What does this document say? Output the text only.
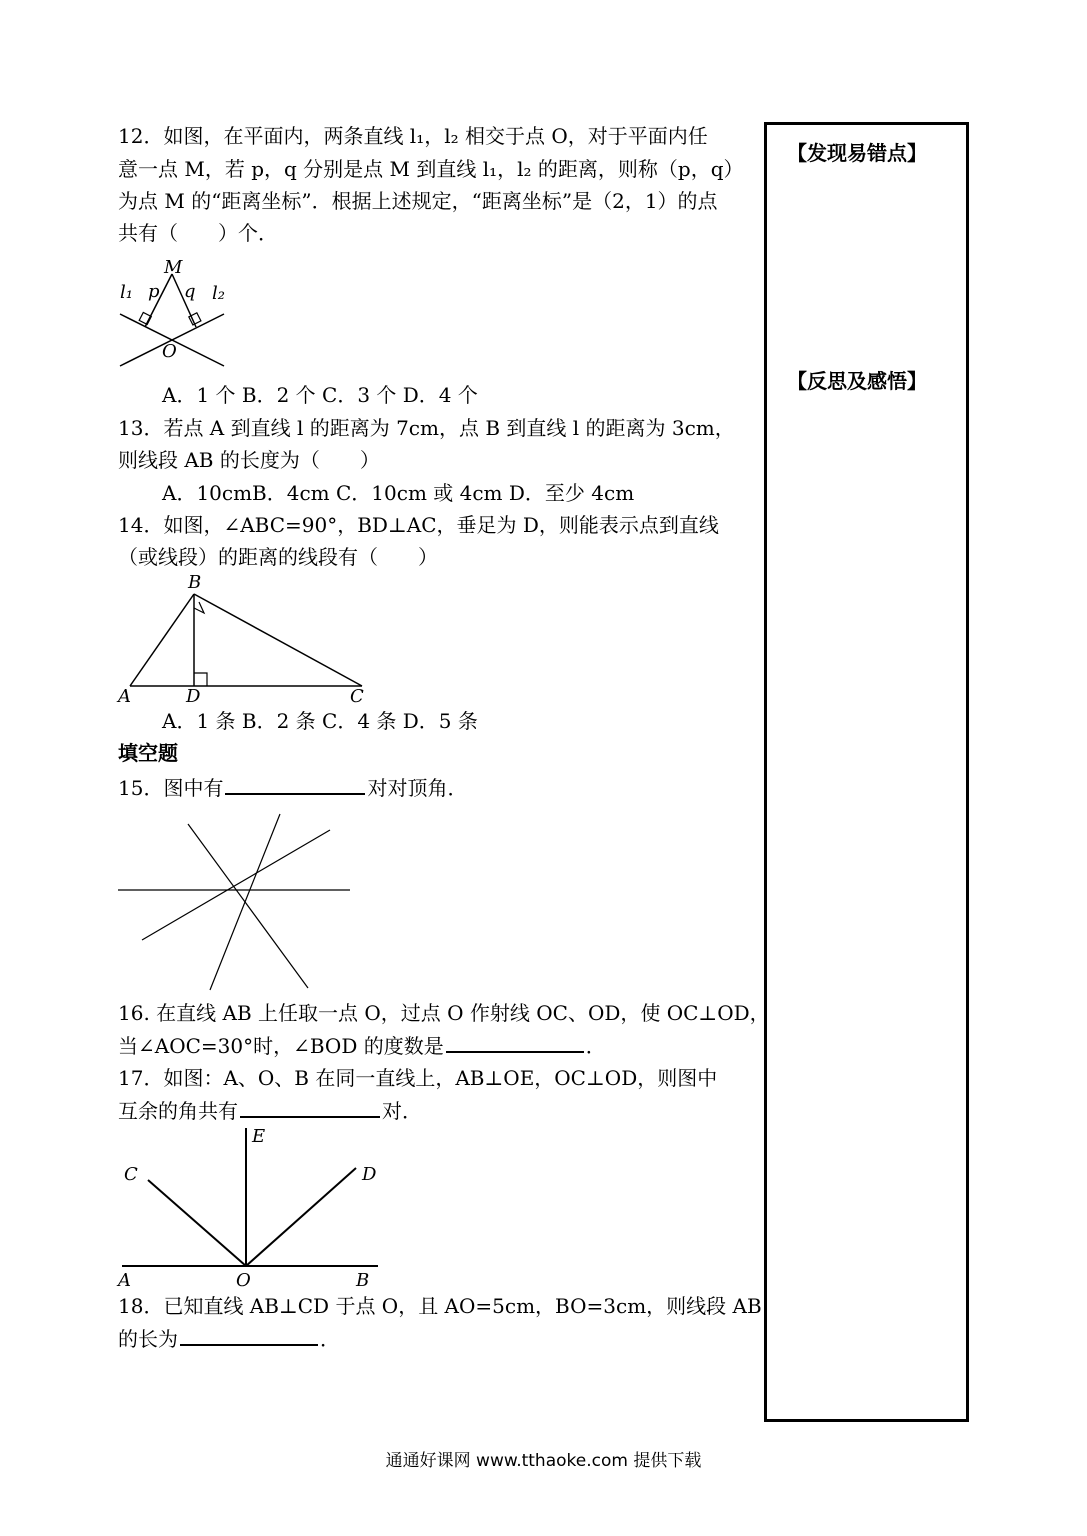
【发现易错点】
【反思及感悟】
12．如图，在平面内，两条直线 l₁，l₂ 相交于点 O，对于平面内任
意一点 M，若 p，q 分别是点 M 到直线 l₁，l₂ 的距离，则称（p，q）
为点 M 的“距离坐标”．根据上述规定，“距离坐标”是（2，1）的点
共有（　　）个．
M
l₁ p q l₂
O
A．1 个 B．2 个 C．3 个 D．4 个
13．若点 A 到直线 l 的距离为 7cm，点 B 到直线 l 的距离为 3cm，
则线段 AB 的长度为（　　）
A．10cmB．4cm C．10cm 或 4cm D．至少 4cm
14．如图，∠ABC=90°，BD⊥AC，垂足为 D，则能表示点到直线
（或线段）的距离的线段有（　　）
B
A	D	C
A．1 条 B．2 条 C．4 条 D．5 条
填空题
15．图中有	对对顶角．
16. 在直线 AB 上任取一点 O，过点 O 作射线 OC、OD，使 OC⊥OD，
当∠AOC=30°时，∠BOD 的度数是	．
17．如图：A、O、B 在同一直线上，AB⊥OE，OC⊥OD，则图中
互余的角共有	对．
E
C	D
A	O	B
18．已知直线 AB⊥CD 于点 O，且 AO=5cm，BO=3cm，则线段 AB
的长为	．
通通好课网 www.tthaoke.com 提供下载
